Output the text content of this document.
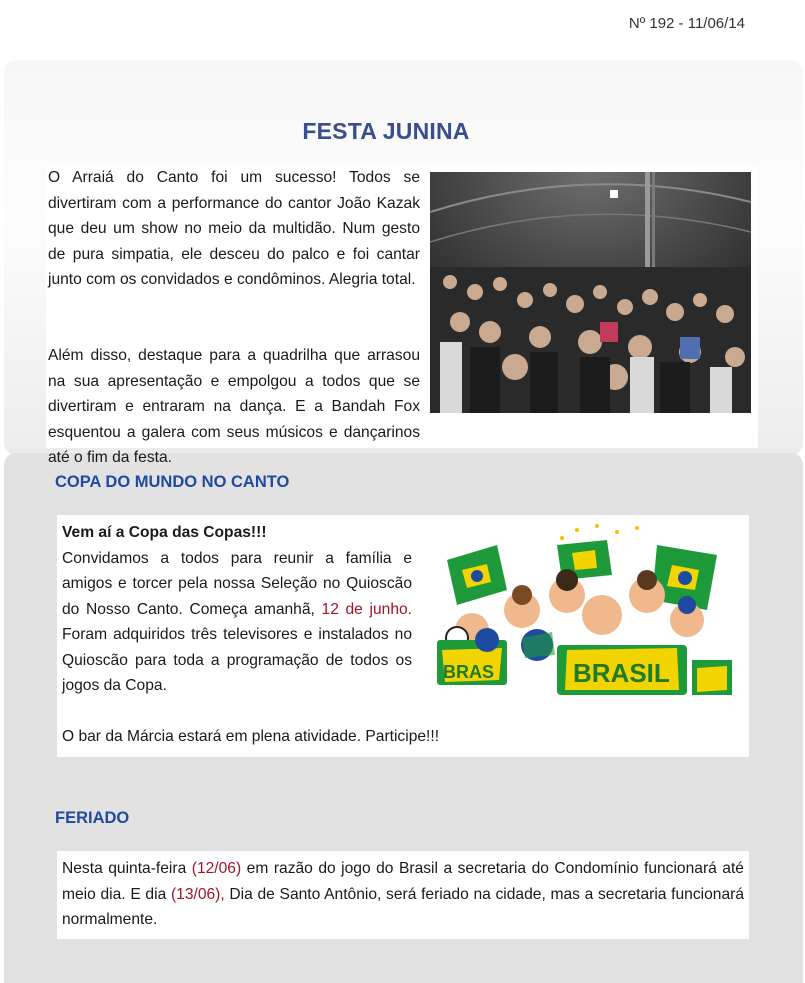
Nº 192 - 11/06/14
FESTA JUNINA

O Arraiá do Canto foi um sucesso! Todos se divertiram com a performance do cantor João Kazak que deu um show no meio da multidão. Num gesto de pura simpatia, ele desceu do palco e foi cantar junto com os convidados e condôminos. Alegria total.

Além disso, destaque para a quadrilha que arrasou na sua apresentação e empolgou a todos que se divertiram e entraram na dança. E a Bandah Fox esquentou a galera com seus músicos e dançarinos até o fim da festa.
COPA DO MUNDO NO CANTO
BRAS	BRASIL

Vem aí a Copa das Copas!!!

Convidamos a todos para reunir a família e amigos e torcer pela nossa Seleção no Quioscão do Nosso Canto. Começa amanhã, 12 de junho. Foram adquiridos três televisores e instalados no Quioscão para toda a programação de todos os jogos da Copa.

O bar da Márcia estará em plena atividade. Participe!!!

FERIADO

Nesta quinta-feira (12/06) em razão do jogo do Brasil a secretaria do Condomínio funcionará até meio dia. E dia (13/06), Dia de Santo Antônio, será feriado na cidade, mas a secretaria funcionará normalmente.
